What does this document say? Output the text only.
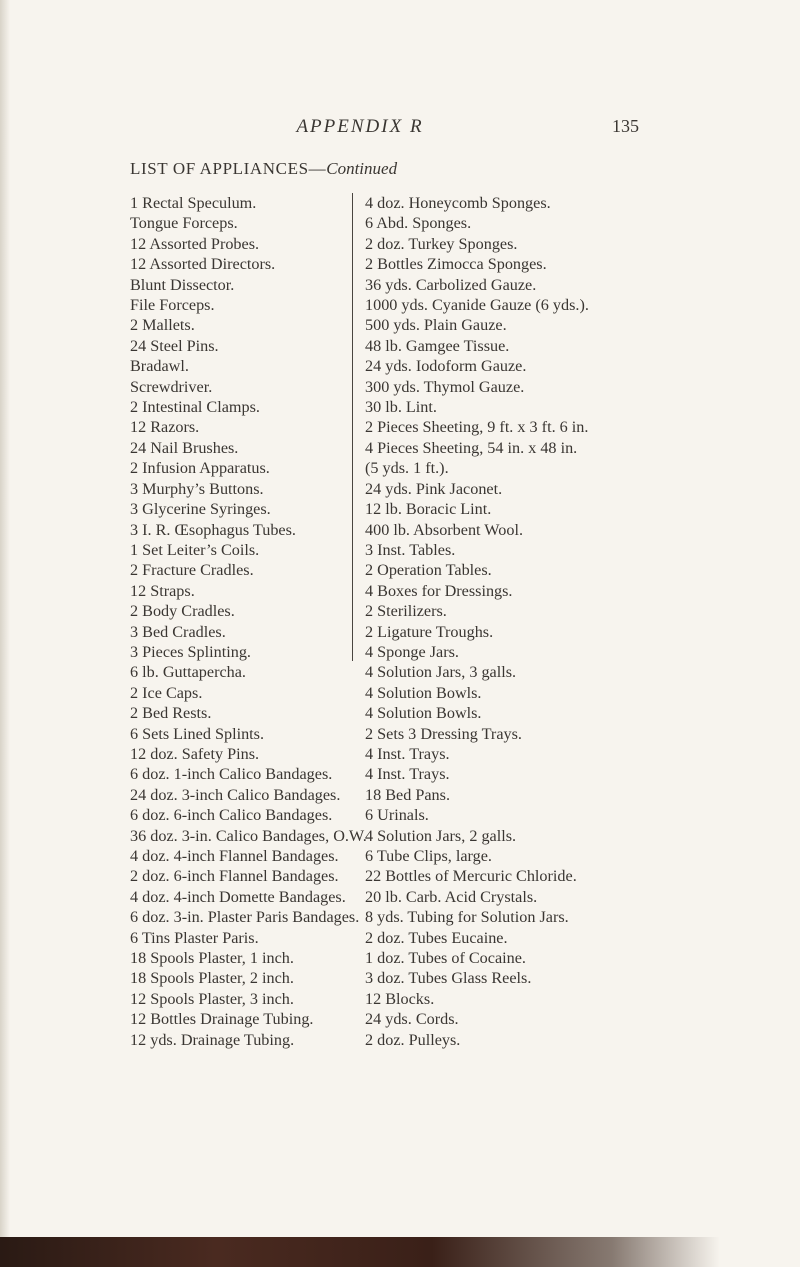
APPENDIX R	135
LIST OF APPLIANCES—Continued
1 Rectal Speculum.
Tongue Forceps.
12 Assorted Probes.
12 Assorted Directors.
Blunt Dissector.
File Forceps.
2 Mallets.
24 Steel Pins.
Bradawl.
Screwdriver.
2 Intestinal Clamps.
12 Razors.
24 Nail Brushes.
2 Infusion Apparatus.
3 Murphy’s Buttons.
3 Glycerine Syringes.
3 I. R. Œsophagus Tubes.
1 Set Leiter’s Coils.
2 Fracture Cradles.
12 Straps.
2 Body Cradles.
3 Bed Cradles.
3 Pieces Splinting.
6 lb. Guttapercha.
2 Ice Caps.
2 Bed Rests.
6 Sets Lined Splints.
12 doz. Safety Pins.
6 doz. 1-inch Calico Bandages.
24 doz. 3-inch Calico Bandages.
6 doz. 6-inch Calico Bandages.
36 doz. 3-in. Calico Bandages, O.W.
4 doz. 4-inch Flannel Bandages.
2 doz. 6-inch Flannel Bandages.
4 doz. 4-inch Domette Bandages.
6 doz. 3-in. Plaster Paris Bandages.
6 Tins Plaster Paris.
18 Spools Plaster, 1 inch.
18 Spools Plaster, 2 inch.
12 Spools Plaster, 3 inch.
12 Bottles Drainage Tubing.
12 yds. Drainage Tubing.
4 doz. Honeycomb Sponges.
6 Abd. Sponges.
2 doz. Turkey Sponges.
2 Bottles Zimocca Sponges.
36 yds. Carbolized Gauze.
1000 yds. Cyanide Gauze (6 yds.).
500 yds. Plain Gauze.
48 lb. Gamgee Tissue.
24 yds. Iodoform Gauze.
300 yds. Thymol Gauze.
30 lb. Lint.
2 Pieces Sheeting, 9 ft. x 3 ft. 6 in.
4 Pieces Sheeting, 54 in. x 48 in.
(5 yds. 1 ft.).
24 yds. Pink Jaconet.
12 lb. Boracic Lint.
400 lb. Absorbent Wool.
3 Inst. Tables.
2 Operation Tables.
4 Boxes for Dressings.
2 Sterilizers.
2 Ligature Troughs.
4 Sponge Jars.
4 Solution Jars, 3 galls.
4 Solution Bowls.
4 Solution Bowls.
2 Sets 3 Dressing Trays.
4 Inst. Trays.
4 Inst. Trays.
18 Bed Pans.
6 Urinals.
4 Solution Jars, 2 galls.
6 Tube Clips, large.
22 Bottles of Mercuric Chloride.
20 lb. Carb. Acid Crystals.
8 yds. Tubing for Solution Jars.
2 doz. Tubes Eucaine.
1 doz. Tubes of Cocaine.
3 doz. Tubes Glass Reels.
12 Blocks.
24 yds. Cords.
2 doz. Pulleys.
